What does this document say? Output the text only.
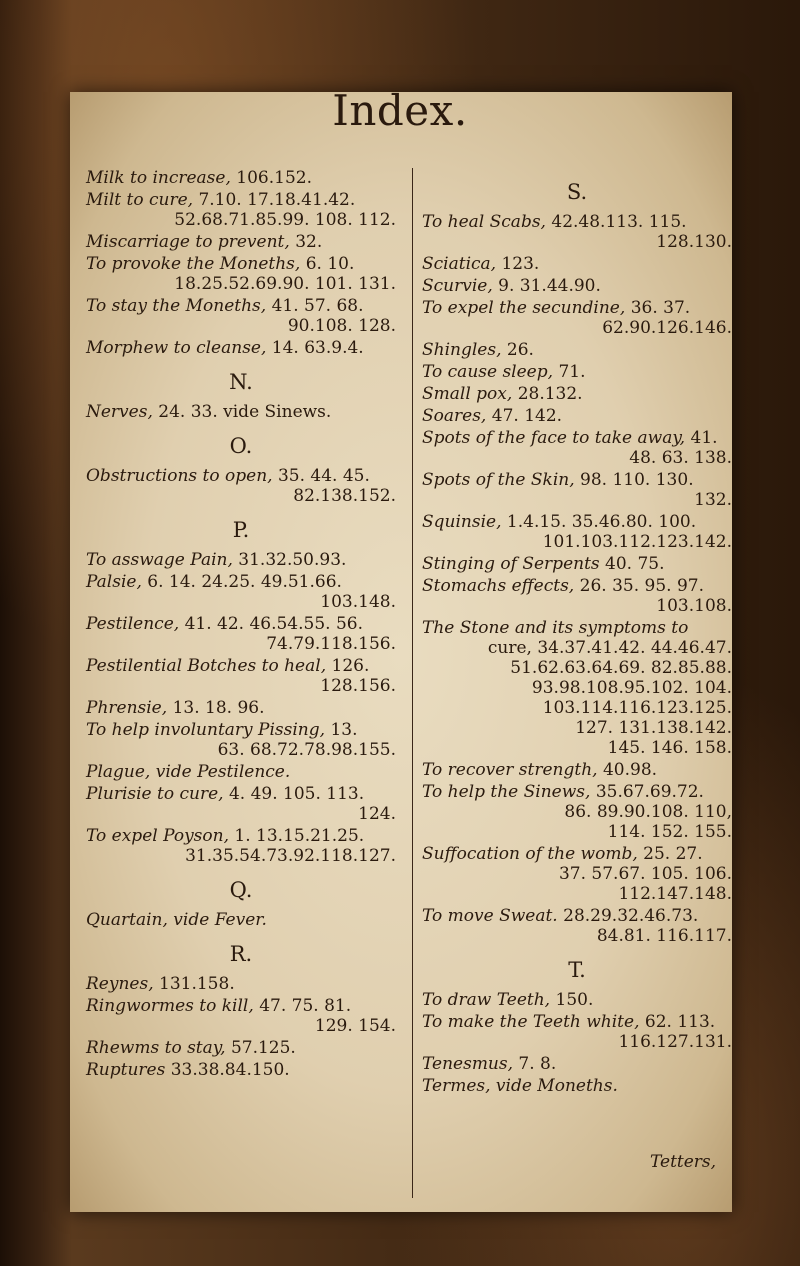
Index.
Milk to increase, 106.152.
Milt to cure, 7.10. 17.18.41.42.
52.68.71.85.99. 108. 112.
Miscarriage to prevent, 32.
To provoke the Moneths, 6. 10.
18.25.52.69.90. 101. 131.
To stay the Moneths, 41. 57. 68.
90.108. 128.
Morphew to cleanse, 14. 63.9.4.
N.
Nerves, 24. 33. vide Sinews.
O.
Obstructions to open, 35. 44. 45.
82.138.152.
P.
To asswage Pain, 31.32.50.93.
Palsie, 6. 14. 24.25. 49.51.66.
103.148.
Pestilence, 41. 42. 46.54.55. 56.
74.79.118.156.
Pestilential Botches to heal, 126.
128.156.
Phrensie, 13. 18. 96.
To help involuntary Pissing, 13.
63. 68.72.78.98.155.
Plague, vide Pestilence.
Plurisie to cure, 4. 49. 105. 113.
124.
To expel Poyson, 1. 13.15.21.25.
31.35.54.73.92.118.127.
Q.
Quartain, vide Fever.
R.
Reynes, 131.158.
Ringwormes to kill, 47. 75. 81.
129. 154.
Rhewms to stay, 57.125.
Ruptures 33.38.84.150.
S.
To heal Scabs, 42.48.113. 115.
128.130.
Sciatica, 123.
Scurvie, 9. 31.44.90.
To expel the secundine, 36. 37.
62.90.126.146.
Shingles, 26.
To cause sleep, 71.
Small pox, 28.132.
Soares, 47. 142.
Spots of the face to take away, 41.
48. 63. 138.
Spots of the Skin, 98. 110. 130.
132.
Squinsie, 1.4.15. 35.46.80. 100.
101.103.112.123.142.
Stinging of Serpents 40. 75.
Stomachs effects, 26. 35. 95. 97.
103.108.
The Stone and its symptoms to
cure, 34.37.41.42. 44.46.47.
51.62.63.64.69. 82.85.88.
93.98.108.95.102. 104.
103.114.116.123.125.
127. 131.138.142.
145. 146. 158.
To recover strength, 40.98.
To help the Sinews, 35.67.69.72.
86. 89.90.108. 110,
114. 152. 155.
Suffocation of the womb, 25. 27.
37. 57.67. 105. 106.
112.147.148.
To move Sweat. 28.29.32.46.73.
84.81. 116.117.
T.
To draw Teeth, 150.
To make the Teeth white, 62. 113.
116.127.131.
Tenesmus, 7. 8.
Termes, vide Moneths.
Tetters,
